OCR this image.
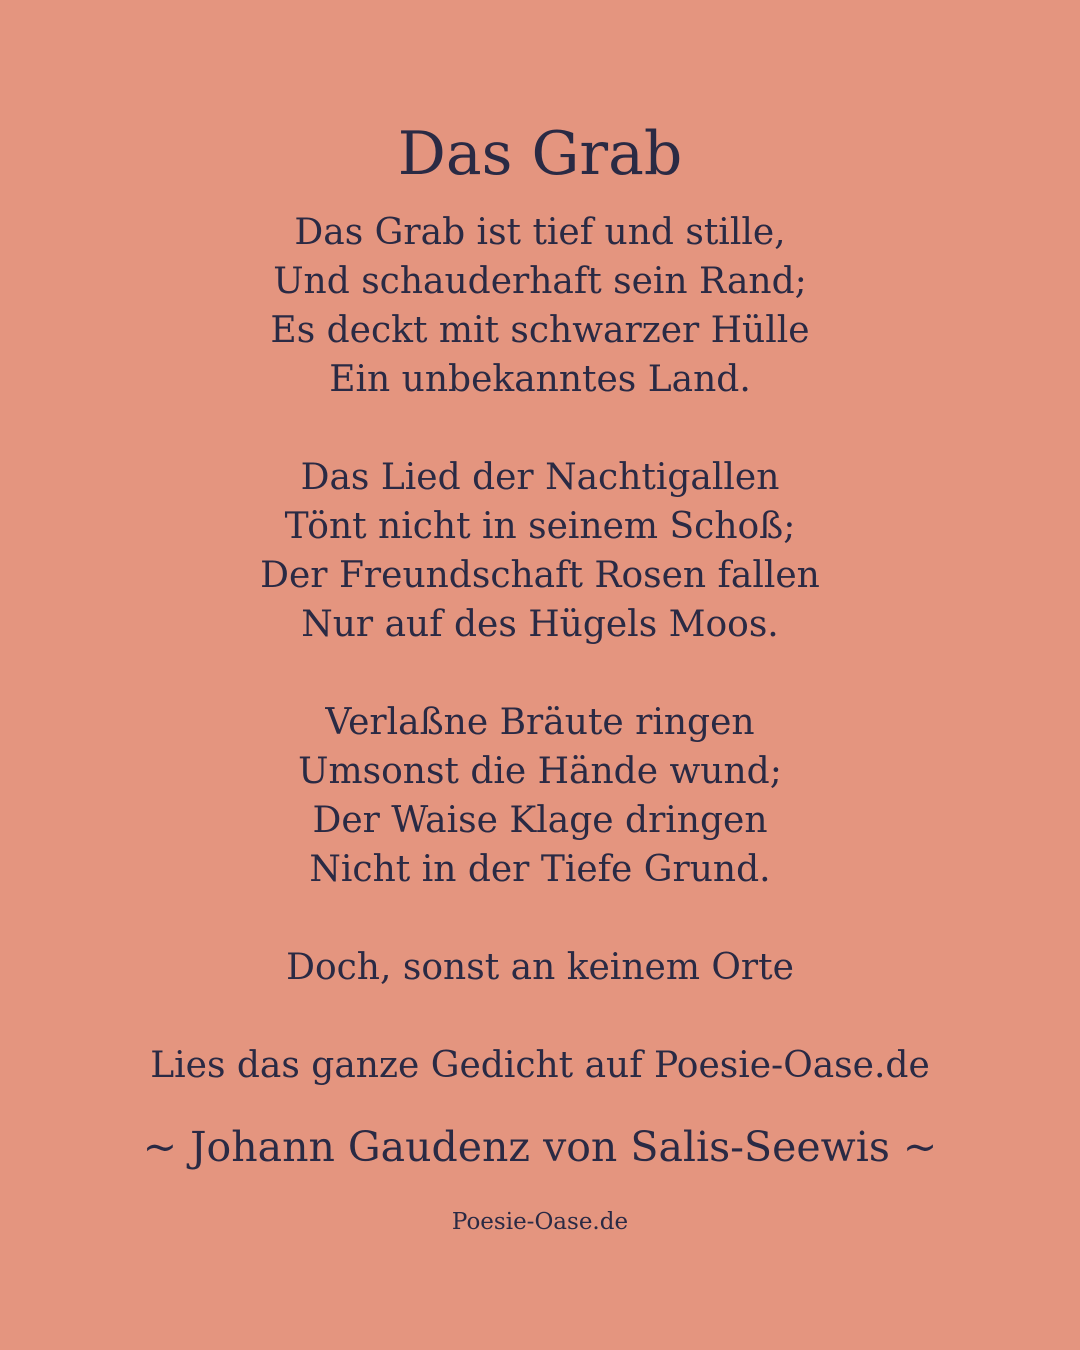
Das Grab
Das Grab ist tief und stille,
Und schauderhaft sein Rand;
Es deckt mit schwarzer Hülle
Ein unbekanntes Land.
Das Lied der Nachtigallen
Tönt nicht in seinem Schoß;
Der Freundschaft Rosen fallen
Nur auf des Hügels Moos.
Verlaßne Bräute ringen
Umsonst die Hände wund;
Der Waise Klage dringen
Nicht in der Tiefe Grund.
Doch, sonst an keinem Orte
Lies das ganze Gedicht auf Poesie-Oase.de
~ Johann Gaudenz von Salis-Seewis ~
Poesie-Oase.de
